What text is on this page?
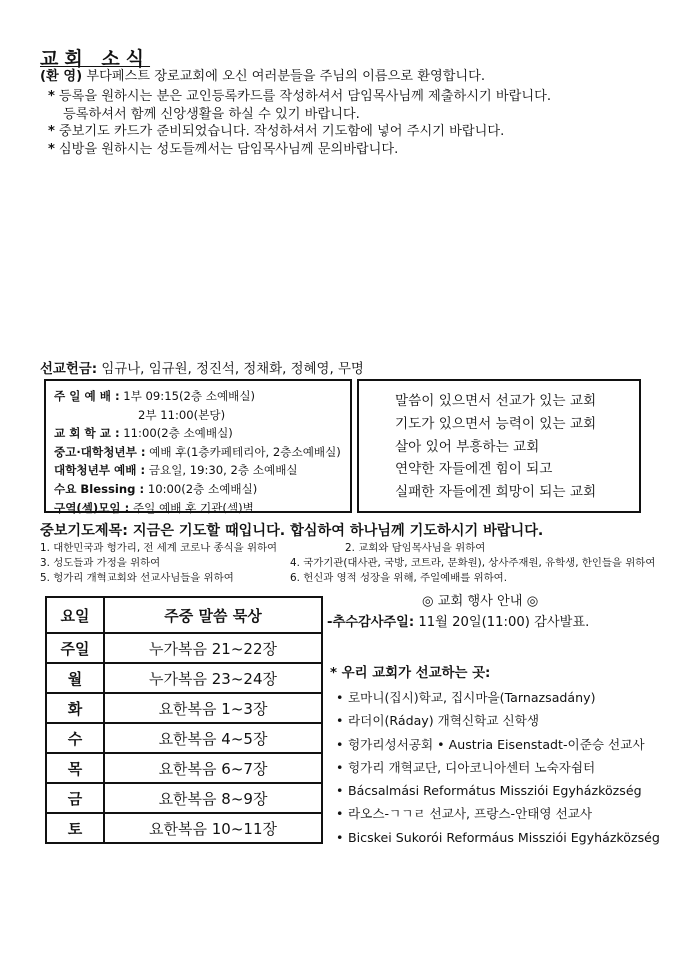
교회 소식
(환 영) 부다페스트 장로교회에 오신 여러분들을 주님의 이름으로 환영합니다.
* 등록을 원하시는 분은 교인등록카드를 작성하셔서 담임목사님께 제출하시기 바랍니다.
등록하셔서 함께 신앙생활을 하실 수 있기 바랍니다.
* 중보기도 카드가 준비되었습니다. 작성하셔서 기도함에 넣어 주시기 바랍니다.
* 심방을 원하시는 성도들께서는 담임목사님께 문의바랍니다.
선교헌금: 임규나, 임규원, 정진석, 정채화, 정혜영, 무명
주 일 예 배 : 1부 09:15(2층 소예배실)
2부 11:00(본당)
교 회 학 교 : 11:00(2층 소예배실)
중고·대학청년부 : 예배 후(1층카페테리아, 2층소예배실)
대학청년부 예배 : 금요일, 19:30, 2층 소예배실
수요 Blessing : 10:00(2층 소예배실)
구역(셀)모임 : 주일 예배 후 기관(셀)별
말씀이 있으면서 선교가 있는 교회
기도가 있으면서 능력이 있는 교회
살아 있어 부흥하는 교회
연약한 자들에겐 힘이 되고
실패한 자들에겐 희망이 되는 교회
중보기도제목: 지금은 기도할 때입니다. 합심하여 하나님께 기도하시기 바랍니다.
1. 대한민국과 헝가리, 전 세계 코로나 종식을 위하여	2. 교회와 담임목사님을 위하여
3. 성도들과 가정을 위하여	4. 국가기관(대사관, 국방, 코트라, 문화원), 상사주재원, 유학생, 한인들을 위하여
5. 헝가리 개혁교회와 선교사님들을 위하여	6. 헌신과 영적 성장을 위해, 주일예배를 위하여.
요일	주중 말씀 묵상
주일	누가복음 21~22장
월	누가복음 23~24장
화	요한복음 1~3장
수	요한복음 4~5장
목	요한복음 6~7장
금	요한복음 8~9장
토	요한복음 10~11장
◎ 교회 행사 안내 ◎
-추수감사주일: 11월 20일(11:00) 감사발표.
* 우리 교회가 선교하는 곳:
• 로마니(집시)학교, 집시마을(Tarnazsadány)
• 라더이(Ráday) 개혁신학교 신학생
• 헝가리성서공회 • Austria Eisenstadt-이준승 선교사
• 헝가리 개혁교단, 디아코니아센터 노숙자쉼터
• Bácsalmási Református Missziói Egyházközség
• 라오스-ㄱㄱㄹ 선교사, 프랑스-안태영 선교사
• Bicskei Sukorói Reformáus Missziói Egyházközség
